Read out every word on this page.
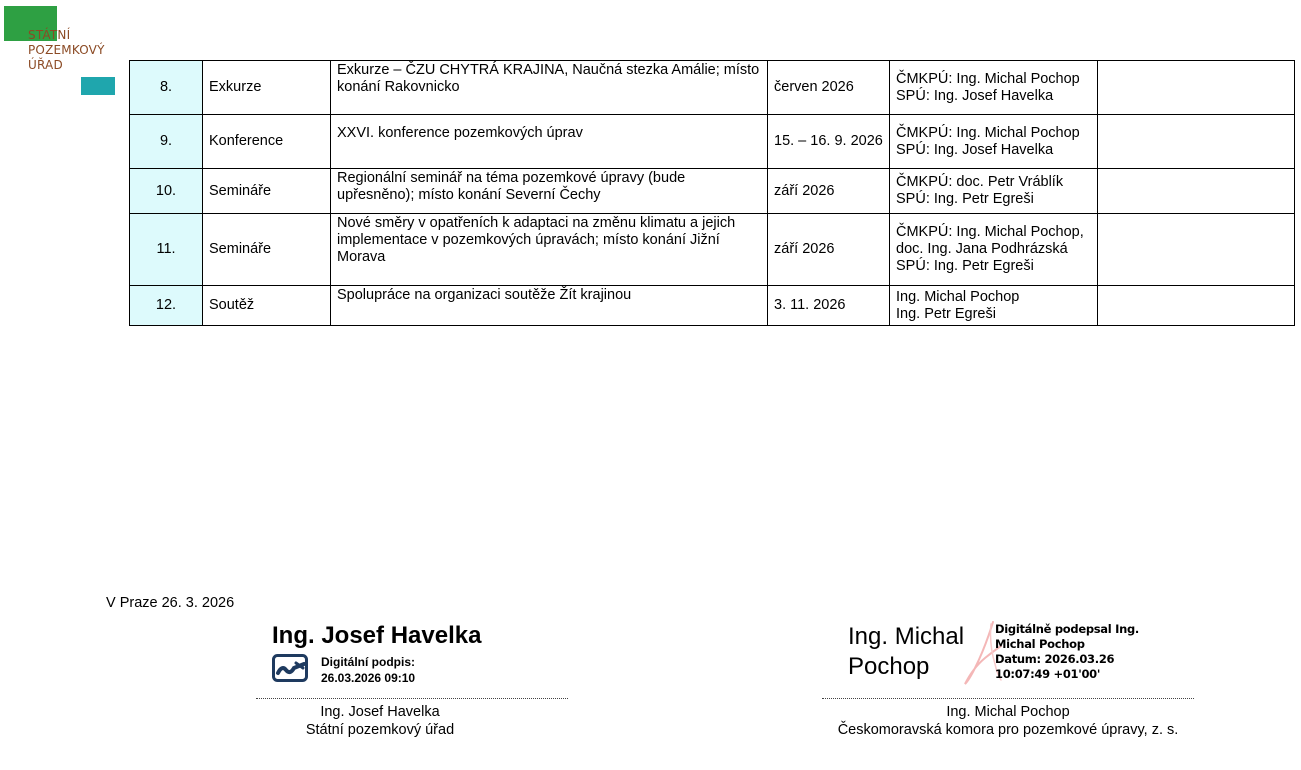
STÁTNÍ
POZEMKOVÝ
ÚŘAD
8.	Exkurze	Exkurze – ČZU CHYTRÁ KRAJINA, Naučná stezka Amálie; místo konání Rakovnicko	červen 2026	ČMKPÚ: Ing. Michal Pochop
SPÚ: Ing. Josef Havelka	

9.	Konference	XXVI. konference pozemkových úprav	15. – 16. 9. 2026	ČMKPÚ: Ing. Michal Pochop
SPÚ: Ing. Josef Havelka	

10.	Semináře	Regionální seminář na téma pozemkové úpravy (bude upřesněno); místo konání Severní Čechy	září 2026	ČMKPÚ: doc. Petr Vráblík
SPÚ: Ing. Petr Egreši	

11.	Semináře	Nové směry v opatřeních k adaptaci na změnu klimatu a jejich implementace v pozemkových úpravách; místo konání Jižní Morava	září 2026	ČMKPÚ: Ing. Michal Pochop, doc. Ing. Jana Podhrázská
SPÚ: Ing. Petr Egreši	

12.	Soutěž	Spolupráce na organizaci soutěže Žít krajinou	3. 11. 2026	Ing. Michal Pochop
Ing. Petr Egreši	

V Praze 26. 3. 2026
Ing. Josef Havelka
Digitální podpis:
26.03.2026 09:10
Ing. Josef Havelka
Státní pozemkový úřad
Ing. Michal
Pochop
Digitálně podepsal Ing.
Michal Pochop
Datum: 2026.03.26
10:07:49 +01'00'
Ing. Michal Pochop
Českomoravská komora pro pozemkové úpravy, z. s.
